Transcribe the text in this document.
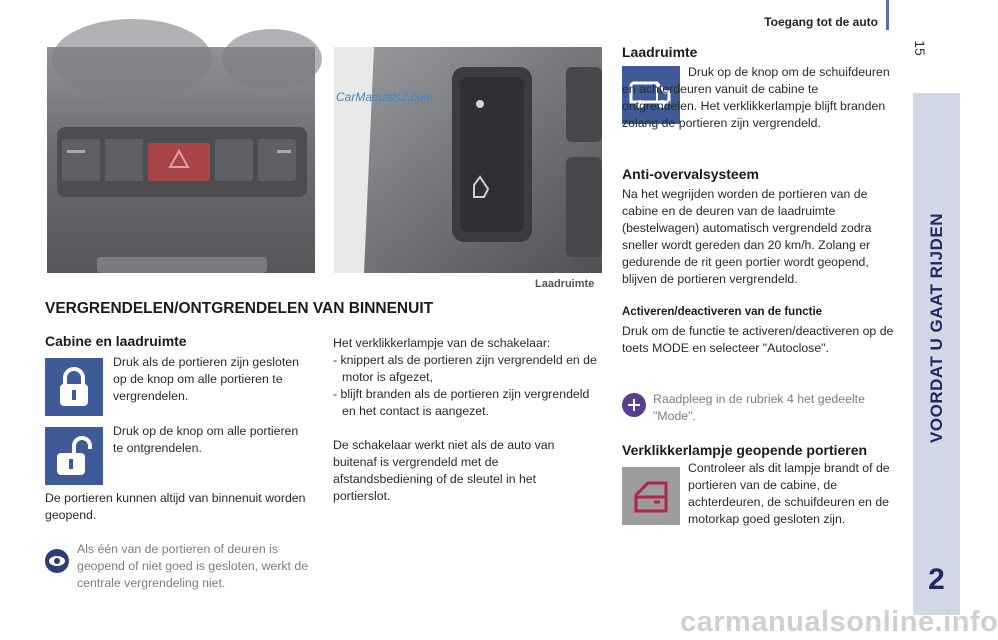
Toegang tot de auto
15
VOORDAT U GAAT RIJDEN
2
CarManuals2.com
Laadruimte
VERGRENDELEN/ONTGRENDELEN VAN BINNENUIT
Cabine en laadruimte
Druk als de portieren zijn gesloten op de knop om alle portieren te vergrendelen.
Druk op de knop om alle portieren te ontgrendelen.
De portieren kunnen altijd van binnenuit worden geopend.
Als één van de portieren of deuren is geopend of niet goed is gesloten, werkt de centrale vergrendeling niet.
Het verklikkerlampje van de schakelaar:
- knippert als de portieren zijn vergrendeld en de motor is afgezet,
- blijft branden als de portieren zijn vergrendeld en het contact is aangezet.
De schakelaar werkt niet als de auto van buitenaf is vergrendeld met de afstandsbediening of de sleutel in het portierslot.
Laadruimte
Druk op de knop om de schuifdeuren en achterdeuren vanuit de cabine te ontgrendelen. Het verklikkerlampje blijft branden zolang de portieren zijn vergrendeld.
Anti-overvalsysteem
Na het wegrijden worden de portieren van de cabine en de deuren van de laadruimte (bestelwagen) automatisch vergrendeld zodra sneller wordt gereden dan 20 km/h. Zolang er gedurende de rit geen portier wordt geopend, blijven de portieren vergrendeld.
Activeren/deactiveren van de functie
Druk om de functie te activeren/deactiveren op de toets MODE en selecteer "Autoclose".
Raadpleeg in de rubriek 4 het gedeelte "Mode".
Verklikkerlampje geopende portieren
Controleer als dit lampje brandt of de portieren van de cabine, de achterdeuren, de schuifdeuren en de motorkap goed gesloten zijn.
carmanualsonline.info
